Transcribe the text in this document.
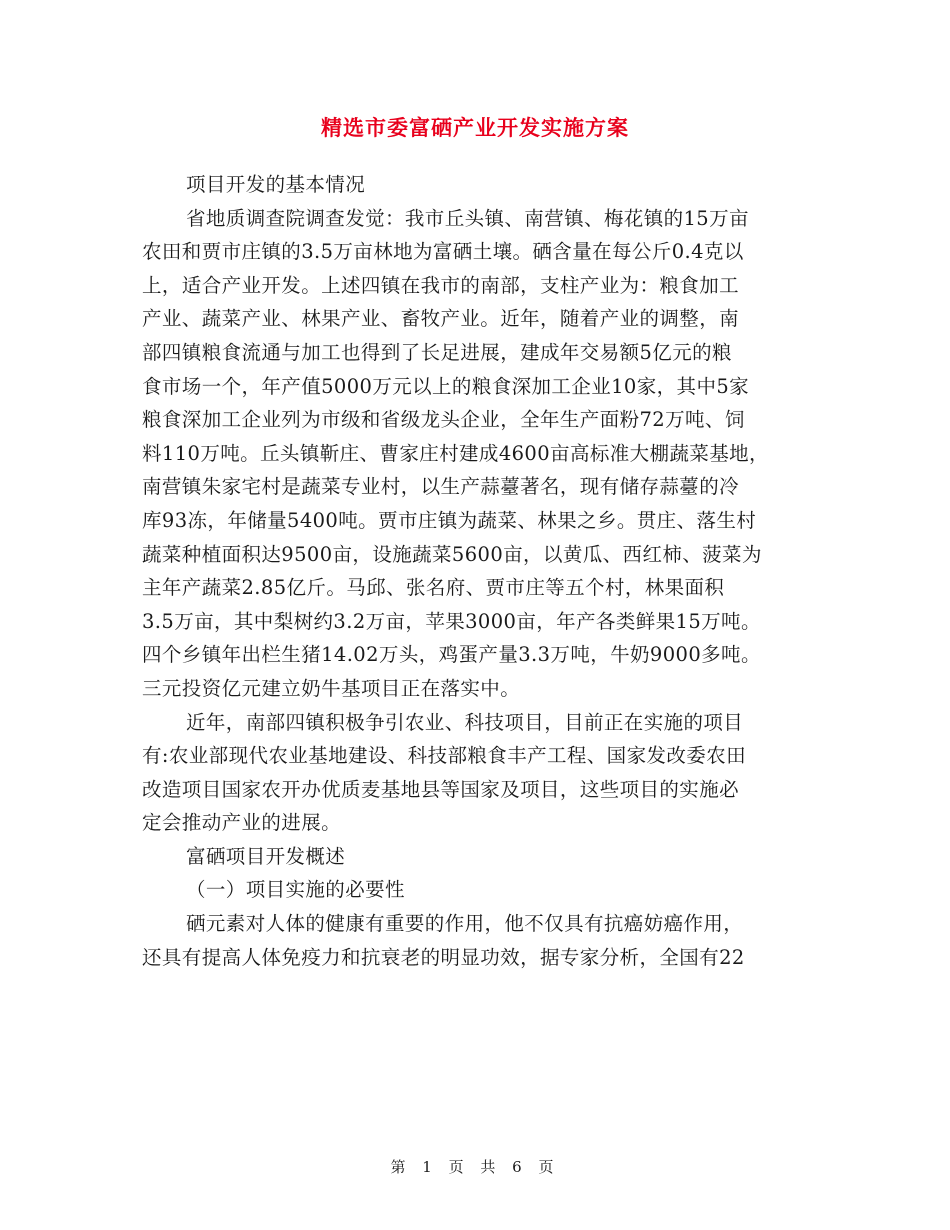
精选市委富硒产业开发实施方案
项目开发的基本情况
省地质调查院调查发觉：我市丘头镇、南营镇、梅花镇的15万亩
农田和贾市庄镇的3.5万亩林地为富硒土壤。硒含量在每公斤0.4克以
上，适合产业开发。上述四镇在我市的南部，支柱产业为：粮食加工
产业、蔬菜产业、林果产业、畜牧产业。近年，随着产业的调整，南
部四镇粮食流通与加工也得到了长足进展，建成年交易额5亿元的粮
食市场一个，年产值5000万元以上的粮食深加工企业10家，其中5家
粮食深加工企业列为市级和省级龙头企业，全年生产面粉72万吨、饲
料110万吨。丘头镇靳庄、曹家庄村建成4600亩高标准大棚蔬菜基地，
南营镇朱家宅村是蔬菜专业村，以生产蒜薹著名，现有储存蒜薹的冷
库93冻，年储量5400吨。贾市庄镇为蔬菜、林果之乡。贯庄、落生村
蔬菜种植面积达9500亩，设施蔬菜5600亩，以黄瓜、西红柿、菠菜为
主年产蔬菜2.85亿斤。马邱、张名府、贾市庄等五个村，林果面积
3.5万亩，其中梨树约3.2万亩，苹果3000亩，年产各类鲜果15万吨。
四个乡镇年出栏生猪14.02万头，鸡蛋产量3.3万吨，牛奶9000多吨。
三元投资亿元建立奶牛基项目正在落实中。
近年，南部四镇积极争引农业、科技项目，目前正在实施的项目
有:农业部现代农业基地建设、科技部粮食丰产工程、国家发改委农田
改造项目国家农开办优质麦基地县等国家及项目，这些项目的实施必
定会推动产业的进展。
富硒项目开发概述
（一）项目实施的必要性
硒元素对人体的健康有重要的作用，他不仅具有抗癌妨癌作用，
还具有提高人体免疫力和抗衰老的明显功效，据专家分析，全国有22
第 1 页 共 6 页
